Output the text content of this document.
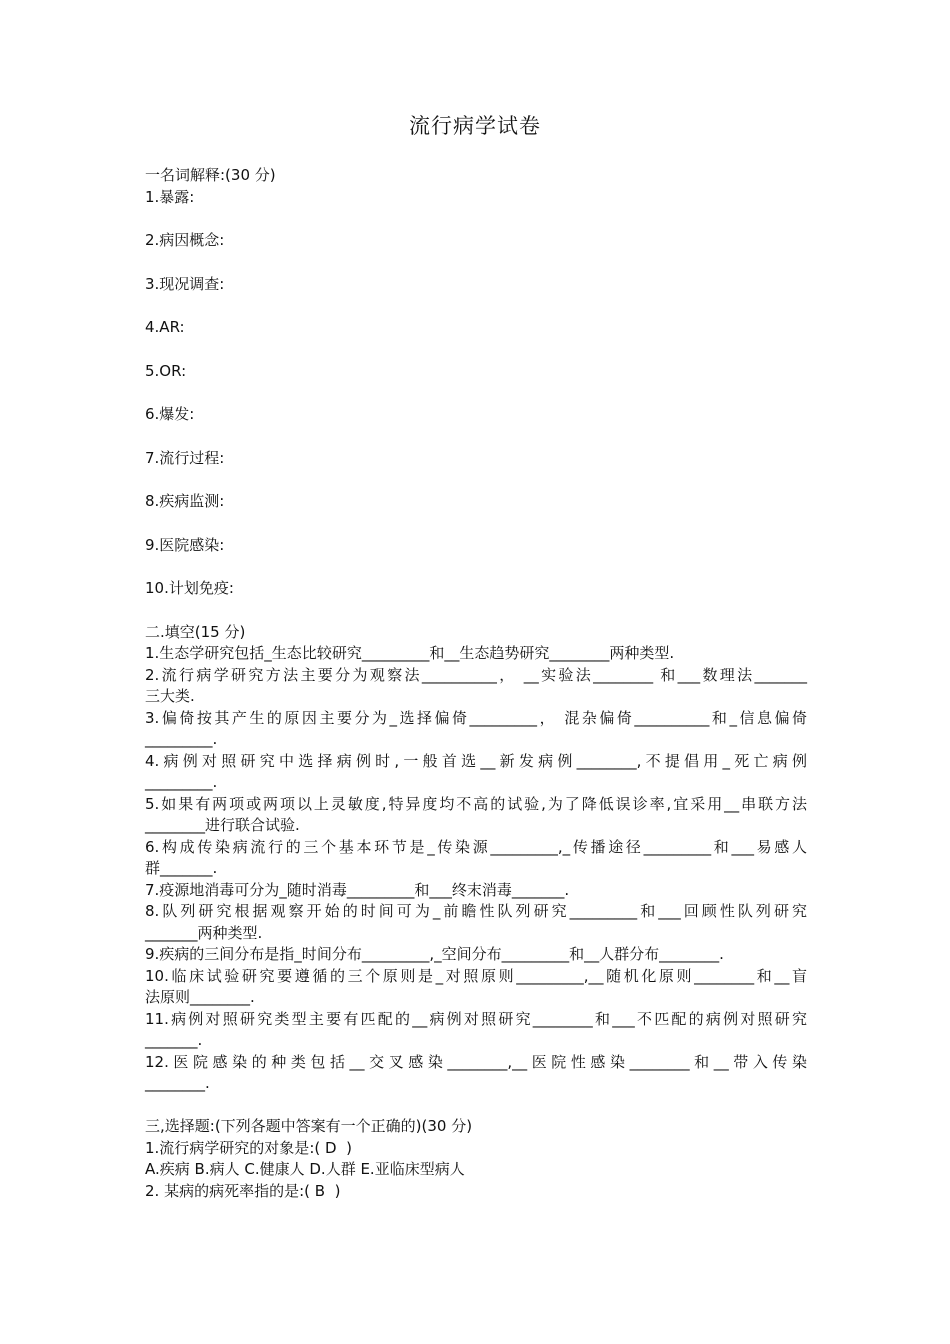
流行病学试卷
一名词解释:(30 分)
1.暴露:
2.病因概念:
3.现况调查:
4.AR:
5.OR:
6.爆发:
7.流行过程:
8.疾病监测:
9.医院感染:
10.计划免疫:
二.填空(15 分)
1.生态学研究包括_生态比较研究_________和__生态趋势研究________两种类型.
2.流行病学研究方法主要分为观察法__________， __实验法________ 和___数理法_______
三大类.
3.偏倚按其产生的原因主要分为_选择偏倚_________， 混杂偏倚__________和_信息偏倚
_________.
4.病例对照研究中选择病例时,一般首选__新发病例________,不提倡用_死亡病例
_________.
5.如果有两项或两项以上灵敏度,特异度均不高的试验,为了降低误诊率,宜采用__串联方法
________进行联合试验.
6.构成传染病流行的三个基本环节是_传染源_________,_传播途径_________和___易感人
群_______.
7.疫源地消毒可分为_随时消毒_________和___终末消毒_______.
8.队列研究根据观察开始的时间可为_前瞻性队列研究_________和___回顾性队列研究
_______两种类型.
9.疾病的三间分布是指_时间分布_________,_空间分布_________和__人群分布________.
10.临床试验研究要遵循的三个原则是_对照原则_________,__随机化原则________和__盲
法原则________.
11.病例对照研究类型主要有匹配的__病例对照研究________和___不匹配的病例对照研究
_______.
12.医院感染的种类包括__交叉感染________,__医院性感染________和__带入传染
________.
三,选择题:(下列各题中答案有一个正确的)(30 分)
1.流行病学研究的对象是:( D  )
A.疾病 B.病人 C.健康人 D.人群 E.亚临床型病人
2. 某病的病死率指的是:( B  )
